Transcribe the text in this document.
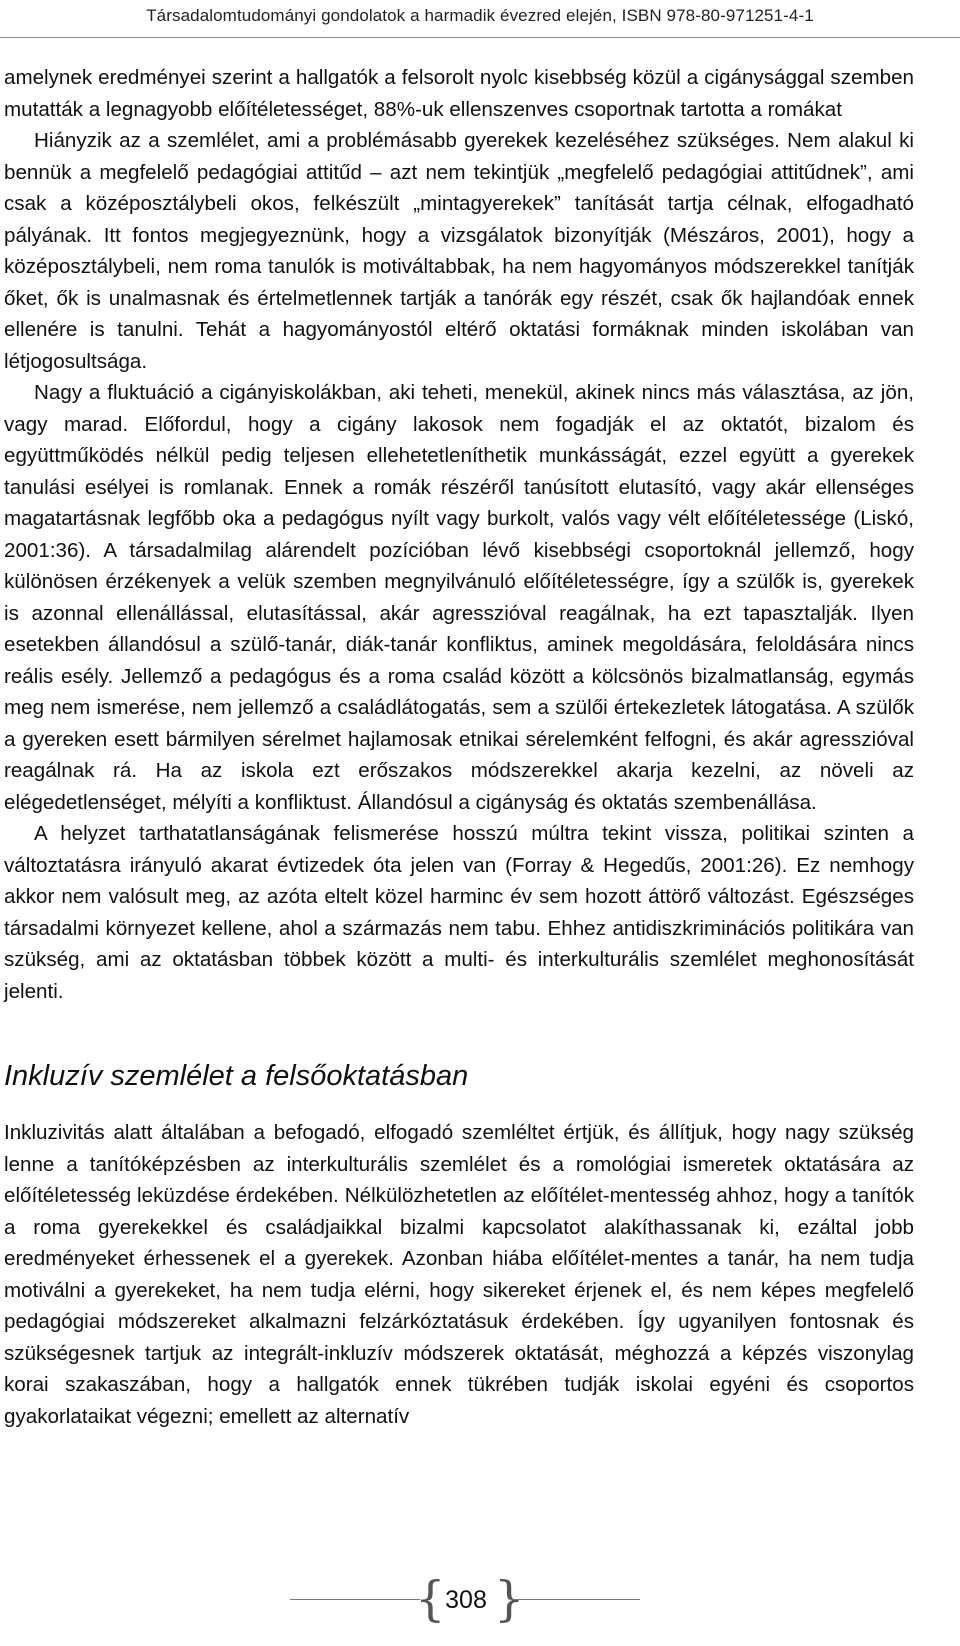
Társadalomtudományi gondolatok a harmadik évezred elején, ISBN 978-80-971251-4-1

amelynek eredményei szerint a hallgatók a felsorolt nyolc kisebbség közül a cigánysággal szemben mutatták a legnagyobb előítéletességet, 88%-uk ellenszenves csoportnak tartotta a romákat

Hiányzik az a szemlélet, ami a problémásabb gyerekek kezeléséhez szükséges. Nem alakul ki bennük a megfelelő pedagógiai attitűd – azt nem tekintjük „megfelelő pedagógiai attitűdnek”, ami csak a középosztálybeli okos, felkészült „mintagyerekek” tanítását tartja célnak, elfogadható pályának. Itt fontos megjegyeznünk, hogy a vizsgálatok bizonyítják (Mészáros, 2001), hogy a középosztálybeli, nem roma tanulók is motiváltabbak, ha nem hagyományos módszerekkel tanítják őket, ők is unalmasnak és értelmetlennek tartják a tanórák egy részét, csak ők hajlandóak ennek ellenére is tanulni. Tehát a hagyományostól eltérő oktatási formáknak minden iskolában van létjogosultsága.

Nagy a fluktuáció a cigányiskolákban, aki teheti, menekül, akinek nincs más választása, az jön, vagy marad. Előfordul, hogy a cigány lakosok nem fogadják el az oktatót, bizalom és együttműködés nélkül pedig teljesen ellehetetleníthetik munkásságát, ezzel együtt a gyerekek tanulási esélyei is romlanak. Ennek a romák részéről tanúsított elutasító, vagy akár ellenséges magatartásnak legfőbb oka a pedagógus nyílt vagy burkolt, valós vagy vélt előítéletessége (Liskó, 2001:36). A társadalmilag alárendelt pozícióban lévő kisebbségi csoportoknál jellemző, hogy különösen érzékenyek a velük szemben megnyilvánuló előítéletességre, így a szülők is, gyerekek is azonnal ellenállással, elutasítással, akár agresszióval reagálnak, ha ezt tapasztalják. Ilyen esetekben állandósul a szülő-tanár, diák-tanár konfliktus, aminek megoldására, feloldására nincs reális esély. Jellemző a pedagógus és a roma család között a kölcsönös bizalmatlanság, egymás meg nem ismerése, nem jellemző a családlátogatás, sem a szülői értekezletek látogatása. A szülők a gyereken esett bármilyen sérelmet hajlamosak etnikai sérelemként felfogni, és akár agresszióval reagálnak rá. Ha az iskola ezt erőszakos módszerekkel akarja kezelni, az növeli az elégedetlenséget, mélyíti a konfliktust. Állandósul a cigányság és oktatás szembenállása.

A helyzet tarthatatlanságának felismerése hosszú múltra tekint vissza, politikai szinten a változtatásra irányuló akarat évtizedek óta jelen van (Forray & Hegedűs, 2001:26). Ez nemhogy akkor nem valósult meg, az azóta eltelt közel harminc év sem hozott áttörő változást. Egészséges társadalmi környezet kellene, ahol a származás nem tabu. Ehhez antidiszkriminációs politikára van szükség, ami az oktatásban többek között a multi- és interkulturális szemlélet meghonosítását jelenti.

Inkluzív szemlélet a felsőoktatásban

Inkluzivitás alatt általában a befogadó, elfogadó szemléltet értjük, és állítjuk, hogy nagy szükség lenne a tanítóképzésben az interkulturális szemlélet és a romológiai ismeretek oktatására az előítéletesség leküzdése érdekében. Nélkülözhetetlen az előítélet-mentesség ahhoz, hogy a tanítók a roma gyerekekkel és családjaikkal bizalmi kapcsolatot alakíthassanak ki, ezáltal jobb eredményeket érhessenek el a gyerekek. Azonban hiába előítélet-mentes a tanár, ha nem tudja motiválni a gyerekeket, ha nem tudja elérni, hogy sikereket érjenek el, és nem képes megfelelő pedagógiai módszereket alkalmazni felzárkóztatásuk érdekében. Így ugyanilyen fontosnak és szükségesnek tartjuk az integrált-inkluzív módszerek oktatását, méghozzá a képzés viszonylag korai szakaszában, hogy a hallgatók ennek tükrében tudják iskolai egyéni és csoportos gyakorlataikat végezni; emellett az alternatív

{ 308 }
